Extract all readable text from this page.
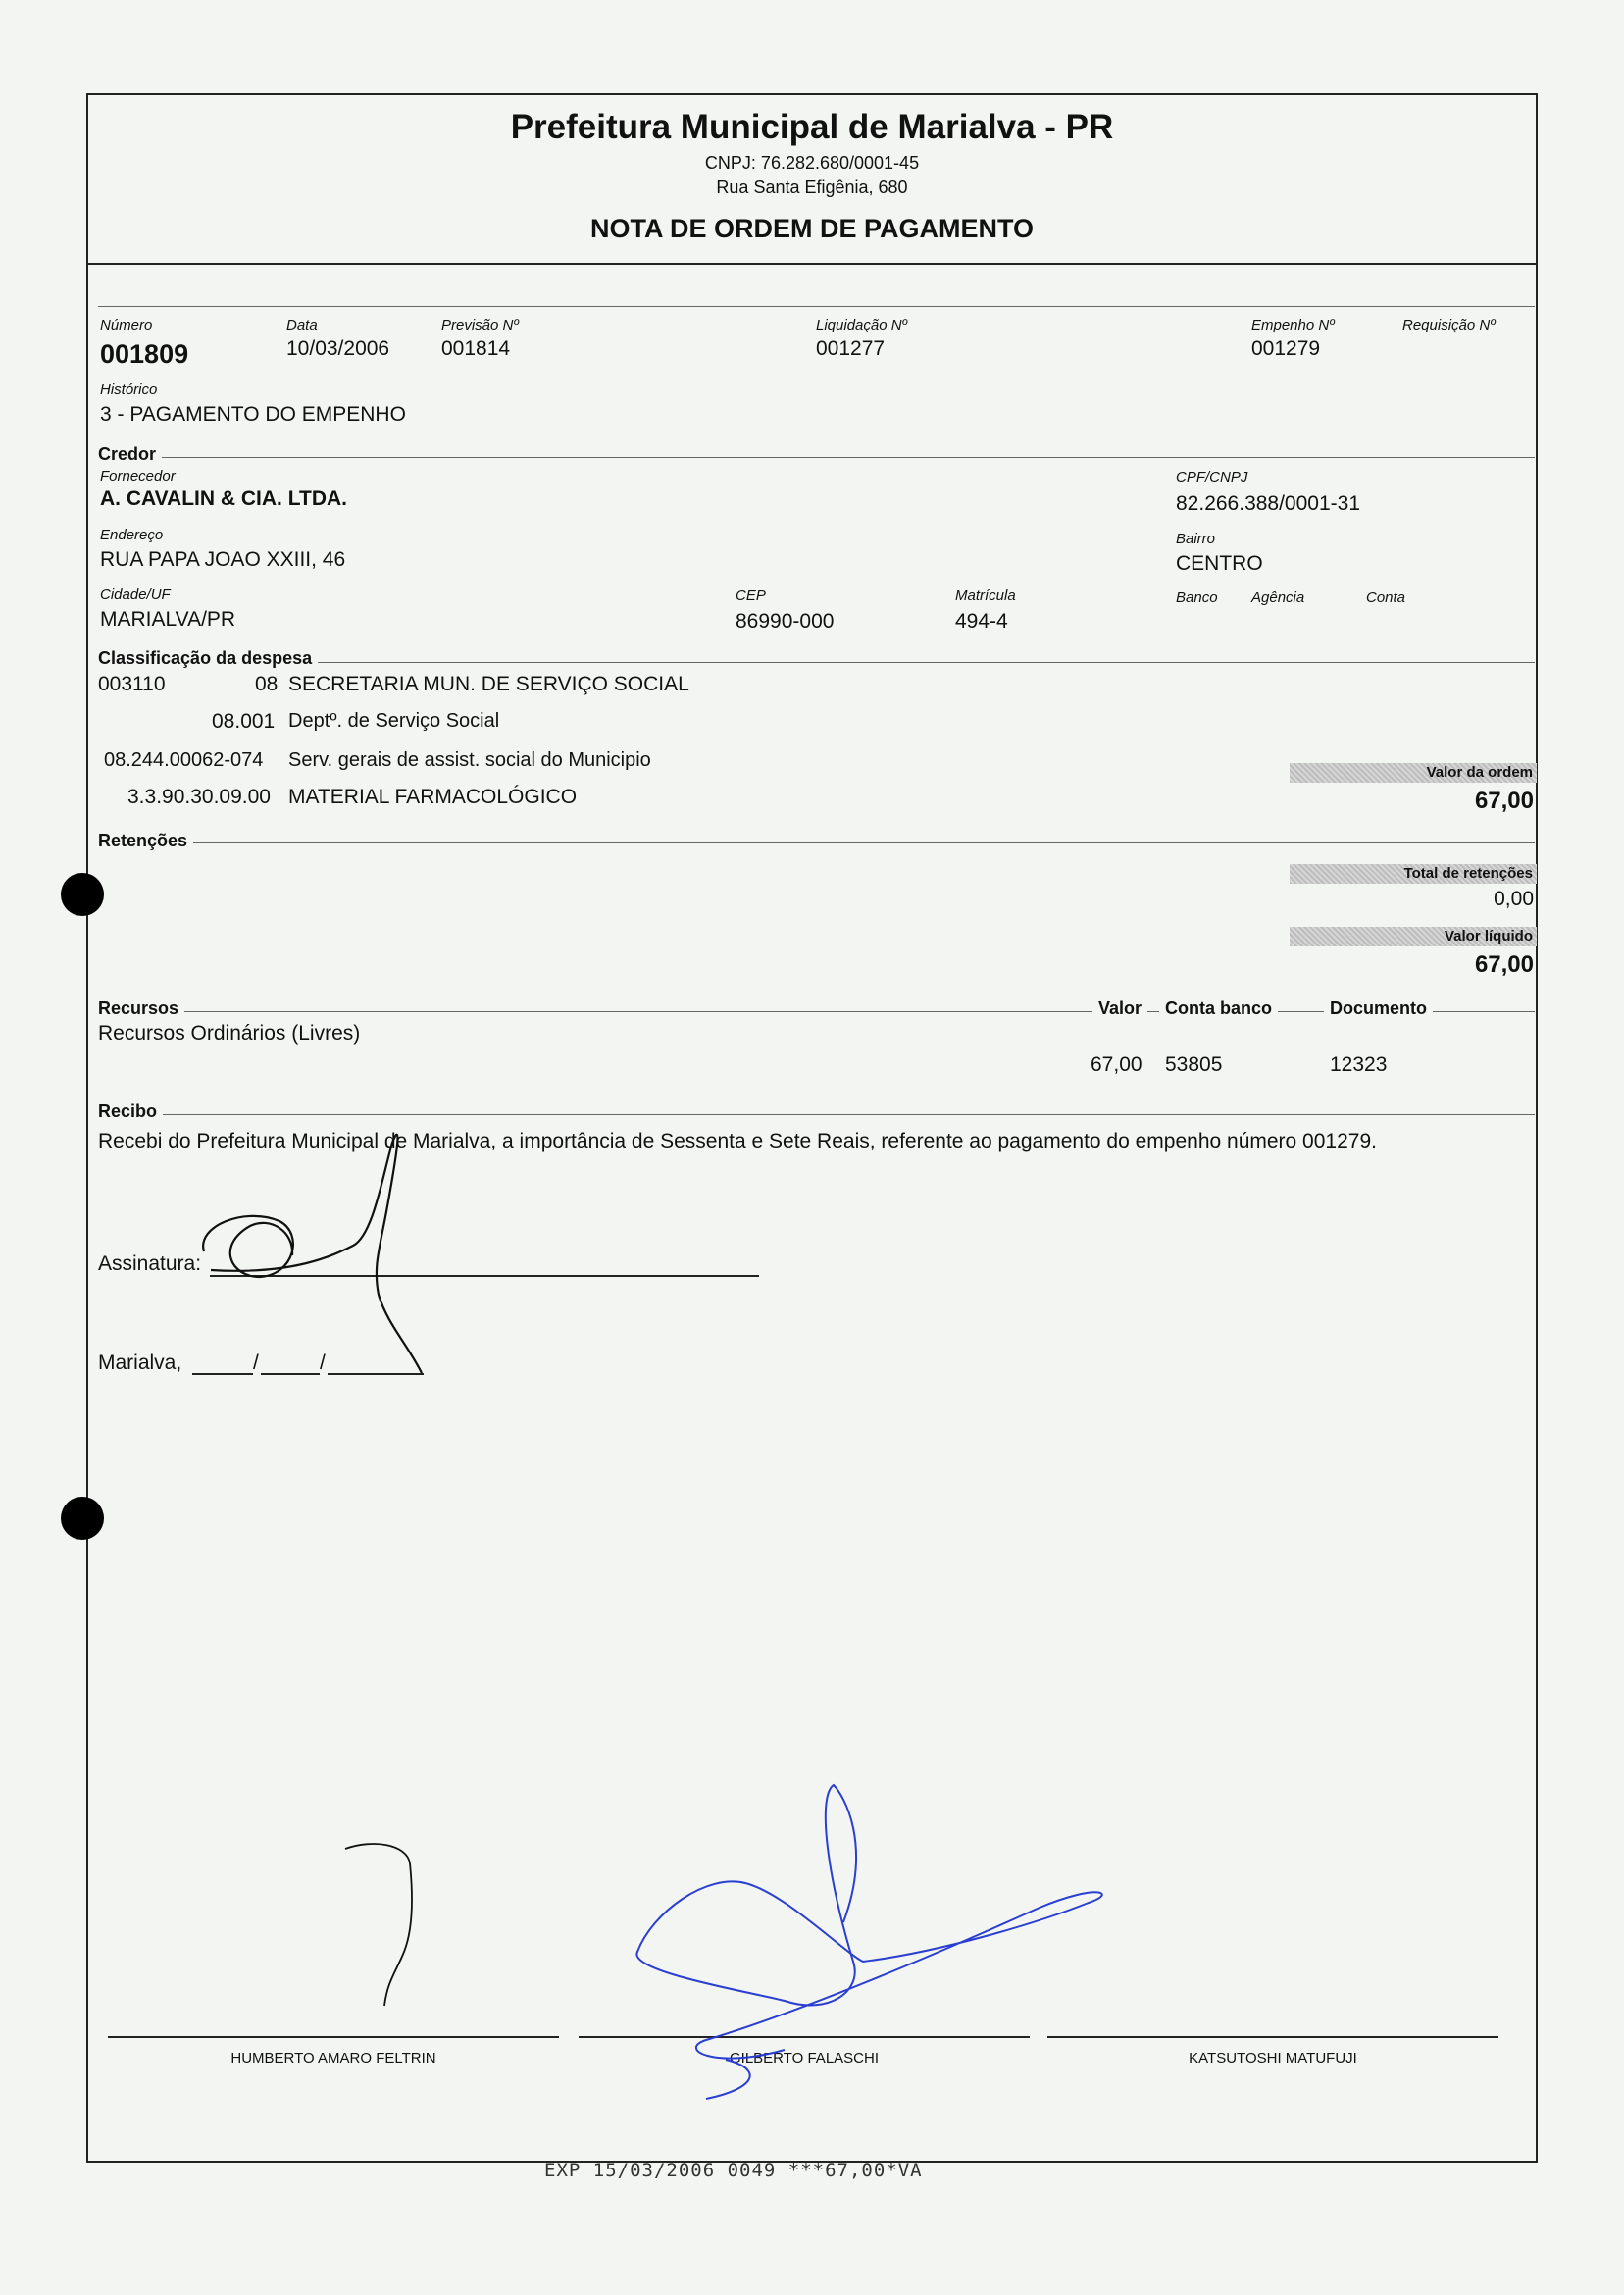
Prefeitura Municipal de Marialva - PR
CNPJ: 76.282.680/0001-45
Rua Santa Efigênia, 680
NOTA DE ORDEM DE PAGAMENTO
Número
001809
Data
10/03/2006
Previsão Nº
001814
Liquidação Nº
001277
Empenho Nº
001279
Requisição Nº
Histórico
3 - PAGAMENTO DO EMPENHO
Credor
Fornecedor
A. CAVALIN & CIA. LTDA.
CPF/CNPJ
82.266.388/0001-31
Endereço
RUA PAPA JOAO XXIII, 46
Bairro
CENTRO
Cidade/UF
MARIALVA/PR
CEP
86990-000
Matrícula
494-4
Banco Agência	Conta
Classificação da despesa
003110	08 SECRETARIA MUN. DE SERVIÇO SOCIAL
08.001 Deptº. de Serviço Social
08.244.00062-074 Serv. gerais de assist. social do Municipio
3.3.90.30.09.00 MATERIAL FARMACOLÓGICO
Valor da ordem
67,00
Total de retenções
0,00
Valor líquido
67,00
Retenções
Recursos	Valor	Conta banco	Documento
Recursos Ordinários (Livres)
67,00 53805	12323
Recibo
Recebi do Prefeitura Municipal de Marialva, a importância de Sessenta e Sete Reais, referente ao pagamento do empenho número 001279.
Assinatura:
Marialva,	/	/
HUMBERTO AMARO FELTRIN	GILBERTO FALASCHI	KATSUTOSHI MATUFUJI
EXP 15/03/2006 0049 ***67,00*VA
